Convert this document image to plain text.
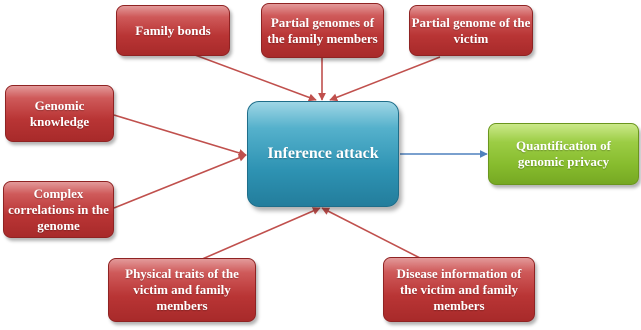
Family bonds
Partial genomes of the family members
Partial genome of the victim
Genomic knowledge
Complex correlations in the genome
Inference attack	Quantification of genomic privacy
Physical traits of the victim and family members
Disease information of the victim and family members
